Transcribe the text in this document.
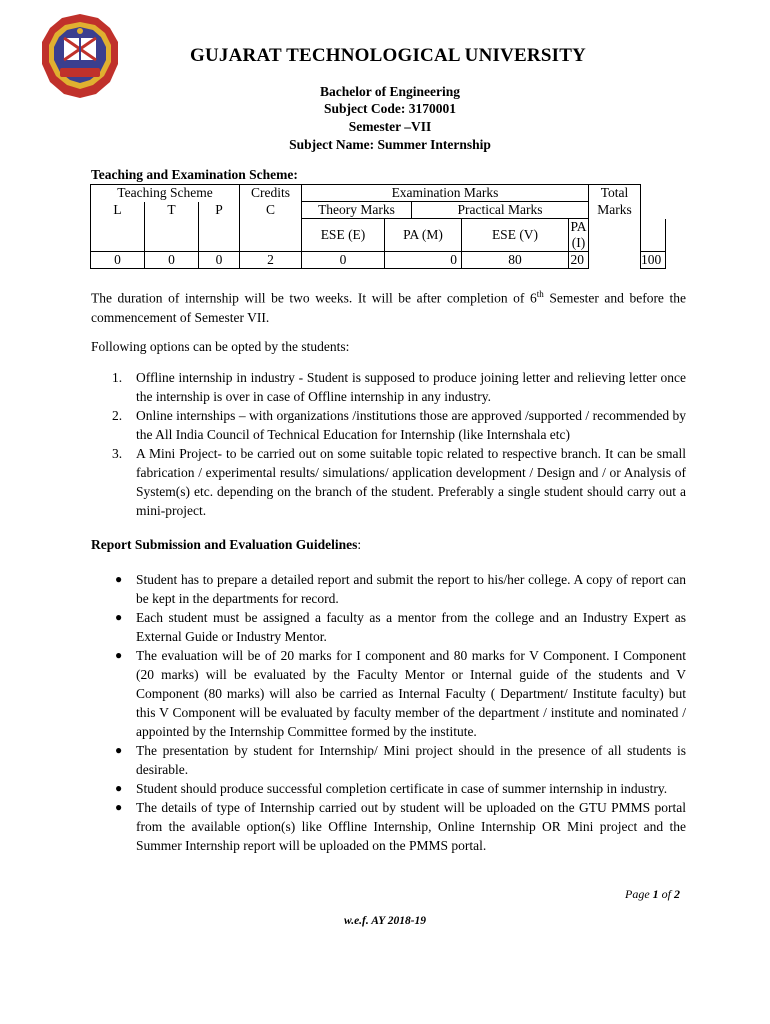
GUJARAT TECHNOLOGICAL UNIVERSITY
Bachelor of Engineering
Subject Code: 3170001
Semester –VII
Subject Name: Summer Internship
Teaching and Examination Scheme:
Teaching Scheme			Credits	Examination Marks					Total	
L	T	P	C	Theory Marks		Practical Marks			Marks	
				ESE (E)	PA (M)		ESE (V)	PA (I)		
0	0	0	2	0	0		80	20		100

The duration of internship will be two weeks. It will be after completion of 6th Semester and before the commencement of Semester VII.

Following options can be opted by the students:

1. Offline internship in industry - Student is supposed to produce joining letter and relieving letter once the internship is over in case of Offline internship in any industry.
2. Online internships – with organizations /institutions those are approved /supported / recommended by the All India Council of Technical Education for Internship (like Internshala etc)
3. A Mini Project- to be carried out on some suitable topic related to respective branch. It can be small fabrication / experimental results/ simulations/ application development / Design and / or Analysis of System(s) etc. depending on the branch of the student. Preferably a single student should carry out a mini-project.
Report Submission and Evaluation Guidelines:
● Student has to prepare a detailed report and submit the report to his/her college. A copy of report can be kept in the departments for record.
● Each student must be assigned a faculty as a mentor from the college and an Industry Expert as External Guide or Industry Mentor.
● The evaluation will be of 20 marks for I component and 80 marks for V Component. I Component (20 marks) will be evaluated by the Faculty Mentor or Internal guide of the students and V Component (80 marks) will also be carried as Internal Faculty ( Department/ Institute faculty) but this V Component will be evaluated by faculty member of the department / institute and nominated / appointed by the Internship Committee formed by the institute.
● The presentation by student for Internship/ Mini project should in the presence of all students is desirable.
● Student should produce successful completion certificate in case of summer internship in industry.
● The details of type of Internship carried out by student will be uploaded on the GTU PMMS portal from the available option(s) like Offline Internship, Online Internship OR Mini project and the Summer Internship report will be uploaded on the PMMS portal.
Page 1 of 2
w.e.f. AY 2018-19
